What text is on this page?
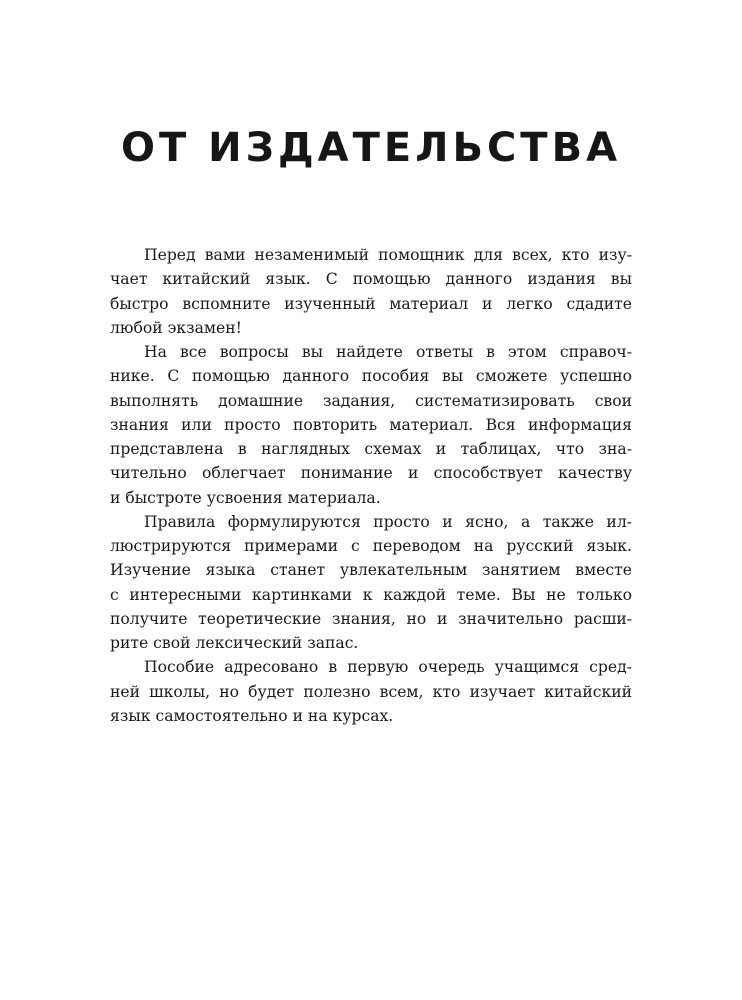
ОТ ИЗДАТЕЛЬСТВА
Перед вами незаменимый помощник для всех, кто изу-
чает китайский язык. С помощью данного издания вы
быстро вспомните изученный материал и легко сдадите
любой экзамен!
На все вопросы вы найдете ответы в этом справоч-
нике. С помощью данного пособия вы сможете успешно
выполнять домашние задания, систематизировать свои
знания или просто повторить материал. Вся информация
представлена в наглядных схемах и таблицах, что зна-
чительно облегчает понимание и способствует качеству
и быстроте усвоения материала.
Правила формулируются просто и ясно, а также ил-
люстрируются примерами с переводом на русский язык.
Изучение языка станет увлекательным занятием вместе
с интересными картинками к каждой теме. Вы не только
получите теоретические знания, но и значительно расши-
рите свой лексический запас.
Пособие адресовано в первую очередь учащимся сред-
ней школы, но будет полезно всем, кто изучает китайский
язык самостоятельно и на курсах.
